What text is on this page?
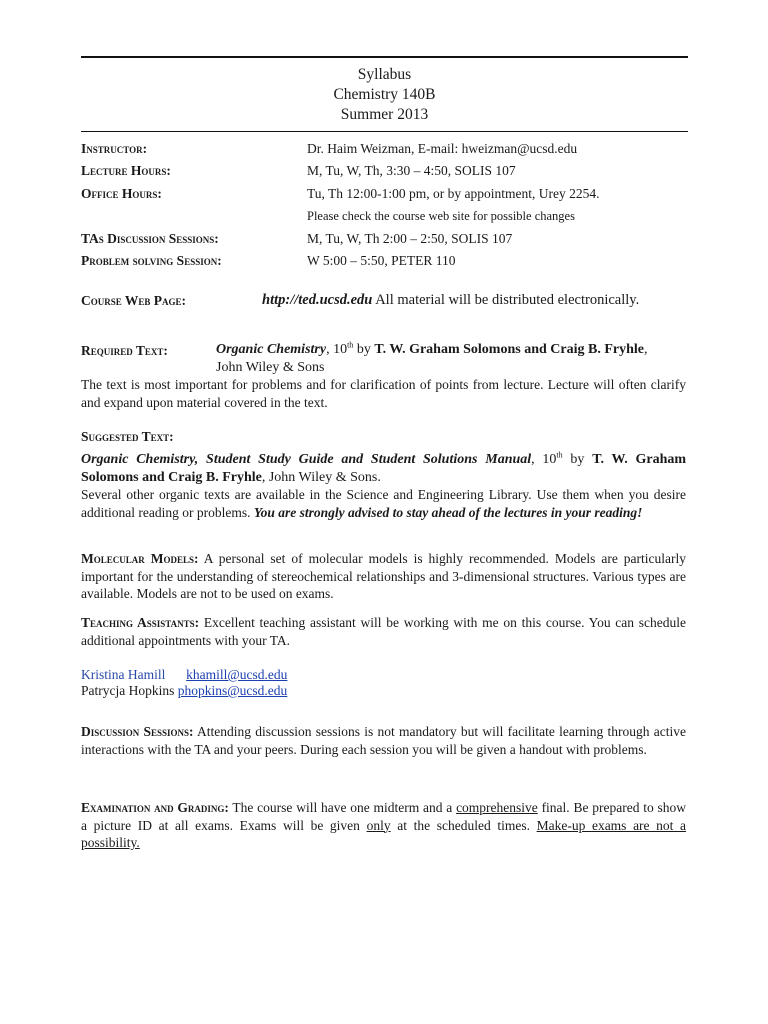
Syllabus
Chemistry 140B
Summer 2013
Instructor:	Dr. Haim Weizman, E-mail: hweizman@ucsd.edu
Lecture Hours:	M, Tu, W, Th, 3:30 – 4:50, SOLIS 107
Office Hours:	Tu, Th 12:00-1:00 pm, or by appointment, Urey 2254.
Please check the course web site for possible changes
TAs Discussion Sessions:	M, Tu, W, Th 2:00 – 2:50, SOLIS 107
Problem solving Session:	W 5:00 – 5:50, PETER 110
Course Web Page:	http://ted.ucsd.edu All material will be distributed electronically.
Required Text:	Organic Chemistry, 10th by T. W. Graham Solomons and Craig B. Fryhle,
John Wiley & Sons
The text is most important for problems and for clarification of points from lecture. Lecture will often clarify and expand upon material covered in the text.
Suggested Text:
Organic Chemistry, Student Study Guide and Student Solutions Manual, 10th by T. W. Graham Solomons and Craig B. Fryhle, John Wiley & Sons.
Several other organic texts are available in the Science and Engineering Library. Use them when you desire additional reading or problems. You are strongly advised to stay ahead of the lectures in your reading!
Molecular Models: A personal set of molecular models is highly recommended. Models are particularly important for the understanding of stereochemical relationships and 3-dimensional structures. Various types are available. Models are not to be used on exams.
Teaching Assistants: Excellent teaching assistant will be working with me on this course. You can schedule additional appointments with your TA.
Kristina Hamill khamill@ucsd.edu
Patrycja Hopkins phopkins@ucsd.edu
Discussion Sessions: Attending discussion sessions is not mandatory but will facilitate learning through active interactions with the TA and your peers. During each session you will be given a handout with problems.
Examination and Grading: The course will have one midterm and a comprehensive final. Be prepared to show a picture ID at all exams. Exams will be given only at the scheduled times. Make-up exams are not a possibility.
